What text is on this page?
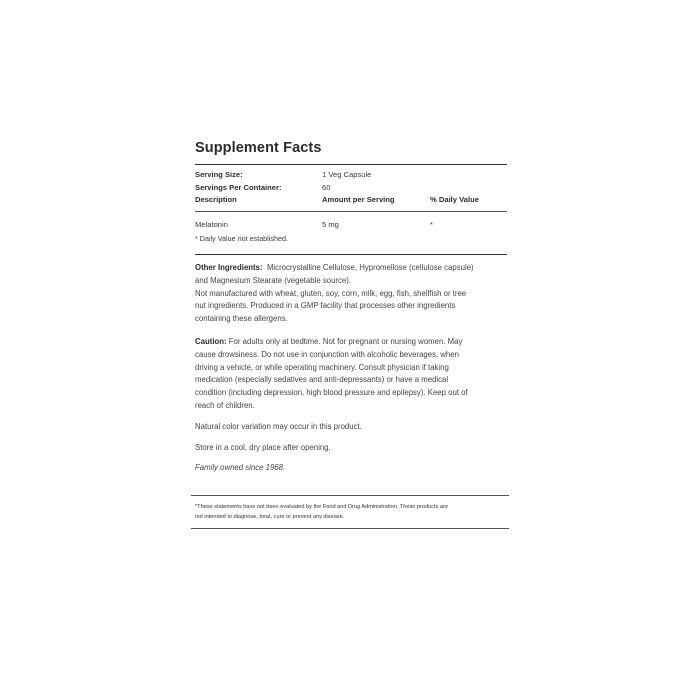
Supplement Facts
Serving Size:	1 Veg Capsule
Servings Per Container:	60
Description	Amount per Serving	% Daily Value
Melatonin	5 mg	*
* Daily Value not established.

Other Ingredients: Microcrystalline Cellulose, Hypromellose (cellulose capsule)

and Magnesium Stearate (vegetable source).

Not manufactured with wheat, gluten, soy, corn, milk, egg, fish, shellfish or tree

nut ingredients. Produced in a GMP facility that processes other ingredients

containing these allergens.

Caution: For adults only at bedtime. Not for pregnant or nursing women. May

cause drowsiness. Do not use in conjunction with alcoholic beverages, when

driving a vehicle, or while operating machinery. Consult physician if taking

medication (especially sedatives and anti-depressants) or have a medical

condition (including depression, high blood pressure and epilepsy). Keep out of

reach of children.

Natural color variation may occur in this product.
Store in a cool, dry place after opening.
Family owned since 1968.
*These statements have not been evaluated by the Food and Drug Administration. These products are
not intended to diagnose, treat, cure or prevent any disease.
